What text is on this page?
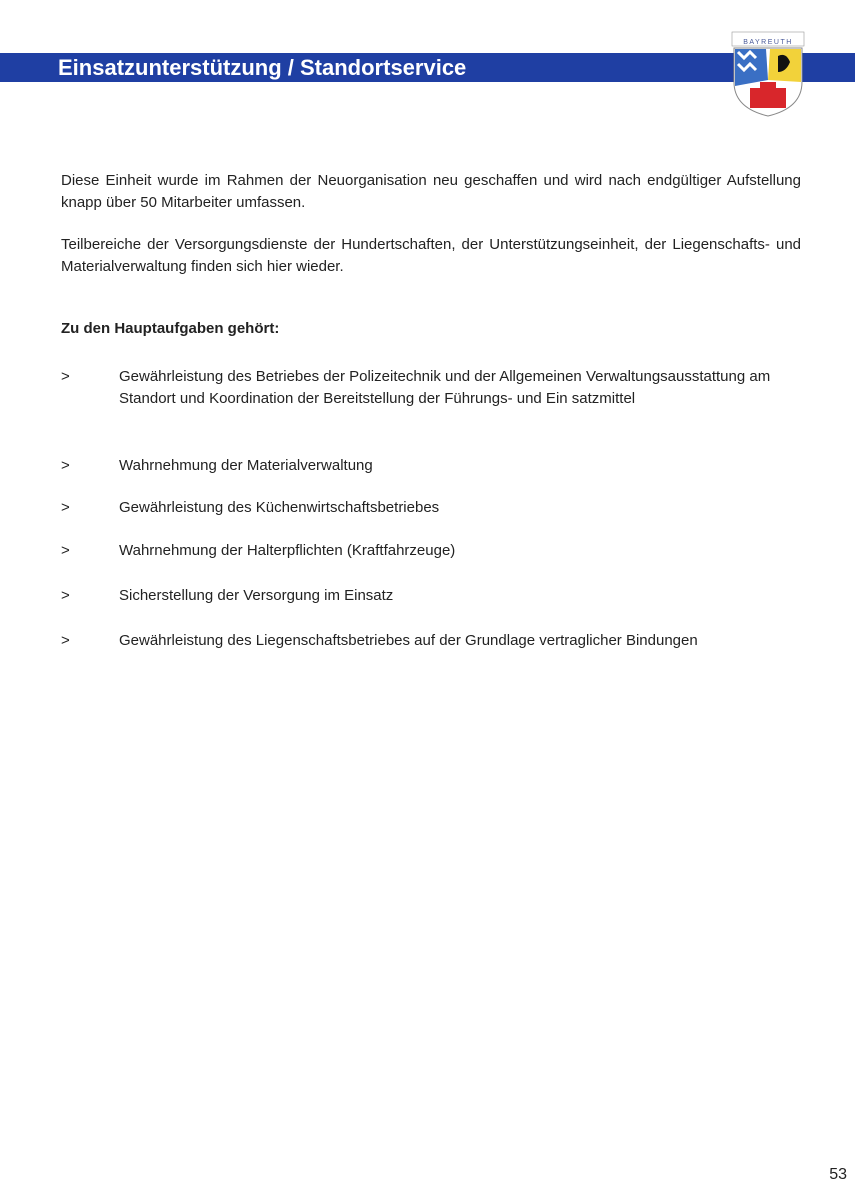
Einsatzunterstützung / Standortservice
BAYREUTH
Diese Einheit wurde im Rahmen der Neuorganisation neu geschaffen und wird nach endgültiger Aufstellung knapp über 50 Mitarbeiter umfassen.
Teilbereiche der Versorgungsdienste der Hundertschaften, der Unterstützungseinheit, der Liegenschafts- und Materialverwaltung finden sich hier wieder.
Zu den Hauptaufgaben gehört:
>	Gewährleistung des Betriebes der Polizeitechnik und der Allgemeinen Verwaltungsausstattung am Standort und Koordination der Bereitstellung der Führungs- und Ein satzmittel
>	Wahrnehmung der Materialverwaltung
>	Gewährleistung des Küchenwirtschaftsbetriebes
>	Wahrnehmung der Halterpflichten (Kraftfahrzeuge)
>	Sicherstellung der Versorgung im Einsatz
>	Gewährleistung des Liegenschaftsbetriebes auf der Grundlage vertraglicher Bindungen
53
